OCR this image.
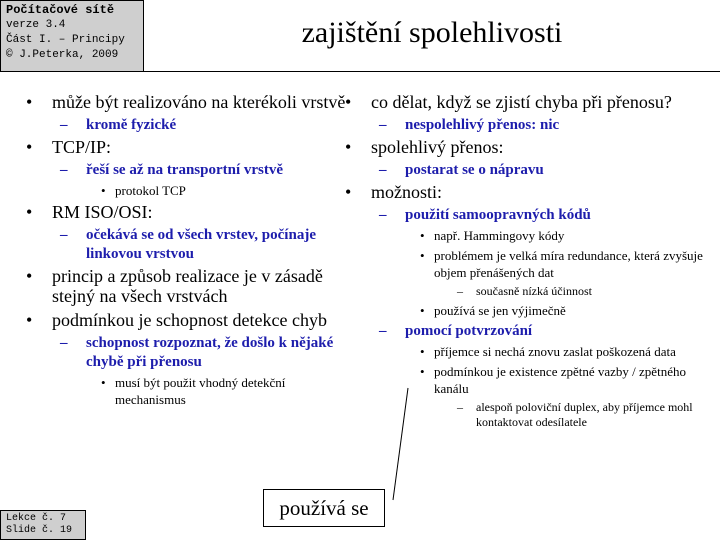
Počítačové sítě
verze 3.4
Část I. – Principy
© J.Peterka, 2009
zajištění spolehlivosti
• může být realizováno na kterékoli vrstvě
– kromě fyzické
• TCP/IP:
– řeší se až na transportní vrstvě
• protokol TCP
• RM ISO/OSI:
– očekává se od všech vrstev, počínaje linkovou vrstvou
• princip a způsob realizace je v zásadě stejný na všech vrstvách
• podmínkou je schopnost detekce chyb
– schopnost rozpoznat, že došlo k nějaké chybě při přenosu
• musí být použit vhodný detekční mechanismus
• co dělat, když se zjistí chyba při přenosu?
– nespolehlivý přenos: nic
• spolehlivý přenos:
– postarat se o nápravu
• možnosti:
– použití samoopravných kódů
• např. Hammingovy kódy
• problémem je velká míra redundance, která zvyšuje objem přenášených dat
– současně nízká účinnost
• používá se jen výjimečně
– pomocí potvrzování
• příjemce si nechá znovu zaslat poškozená data
• podmínkou je existence zpětné vazby / zpětného kanálu
– alespoň poloviční duplex, aby příjemce mohl kontaktovat odesílatele
používá se
Lekce č. 7
Slide č. 19
